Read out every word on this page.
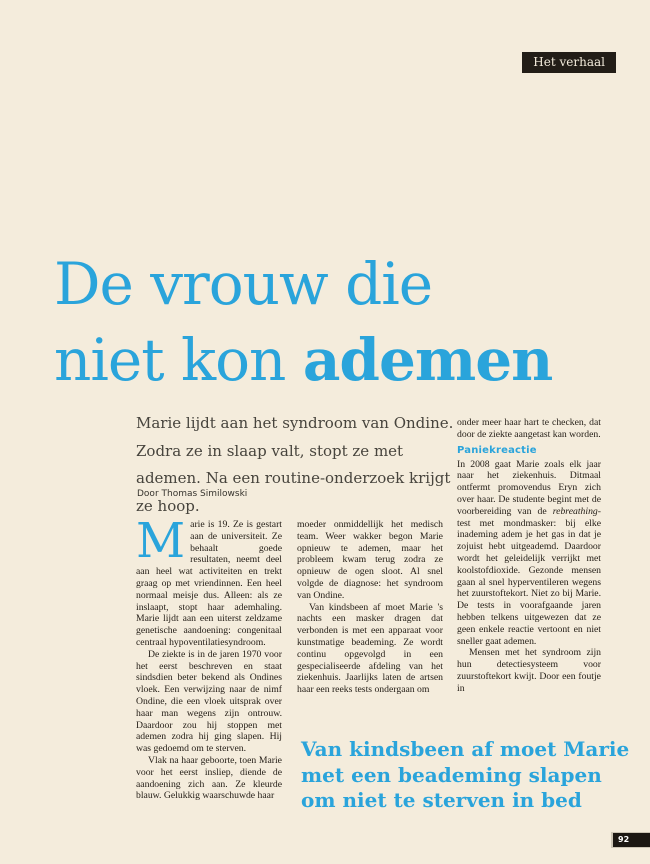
Het verhaal
De vrouw die
niet kon ademen
Marie lijdt aan het syndroom van Ondine. Zodra ze in slaap valt, stopt ze met ademen. Na een routine-onderzoek krijgt ze hoop.
Door Thomas Similowski

Marie is 19. Ze is gestart aan de universiteit. Ze behaalt goede resultaten, neemt deel aan heel wat activiteiten en trekt graag op met vriendinnen. Een heel normaal meisje dus. Alleen: als ze inslaapt, stopt haar ademhaling. Marie lijdt aan een uiterst zeldzame genetische aandoening: congenitaal centraal hypoventilatiesyndroom.

De ziekte is in de jaren 1970 voor het eerst beschreven en staat sindsdien beter bekend als Ondines vloek. Een verwijzing naar de nimf Ondine, die een vloek uitsprak over haar man wegens zijn ontrouw. Daardoor zou hij stoppen met ademen zodra hij ging slapen. Hij was gedoemd om te sterven.

Vlak na haar geboorte, toen Marie voor het eerst insliep, diende de aandoening zich aan. Ze kleurde blauw. Gelukkig waarschuwde haar

moeder onmiddellijk het medisch team. Weer wakker begon Marie opnieuw te ademen, maar het probleem kwam terug zodra ze opnieuw de ogen sloot. Al snel volgde de diagnose: het syndroom van Ondine.

Van kindsbeen af moet Marie 's nachts een masker dragen dat verbonden is met een apparaat voor kunstmatige beademing. Ze wordt continu opgevolgd in een gespecialiseerde afdeling van het ziekenhuis. Jaarlijks laten de artsen haar een reeks tests ondergaan om

onder meer haar hart te checken, dat door de ziekte aangetast kan worden.

Paniekreactie

In 2008 gaat Marie zoals elk jaar naar het ziekenhuis. Ditmaal ontfermt promovendus Eryn zich over haar. De studente begint met de voorbereiding van de rebreathing-test met mondmasker: bij elke inademing adem je het gas in dat je zojuist hebt uitgeademd. Daardoor wordt het geleidelijk verrijkt met koolstofdioxide. Gezonde mensen gaan al snel hyperventileren wegens het zuurstoftekort. Niet zo bij Marie. De tests in voorafgaande jaren hebben telkens uitgewezen dat ze geen enkele reactie vertoont en niet sneller gaat ademen.

Mensen met het syndroom zijn hun detectiesysteem voor zuurstoftekort kwijt. Door een foutje in

Van kindsbeen af moet Marie met een beademing slapen om niet te sterven in bed
92
